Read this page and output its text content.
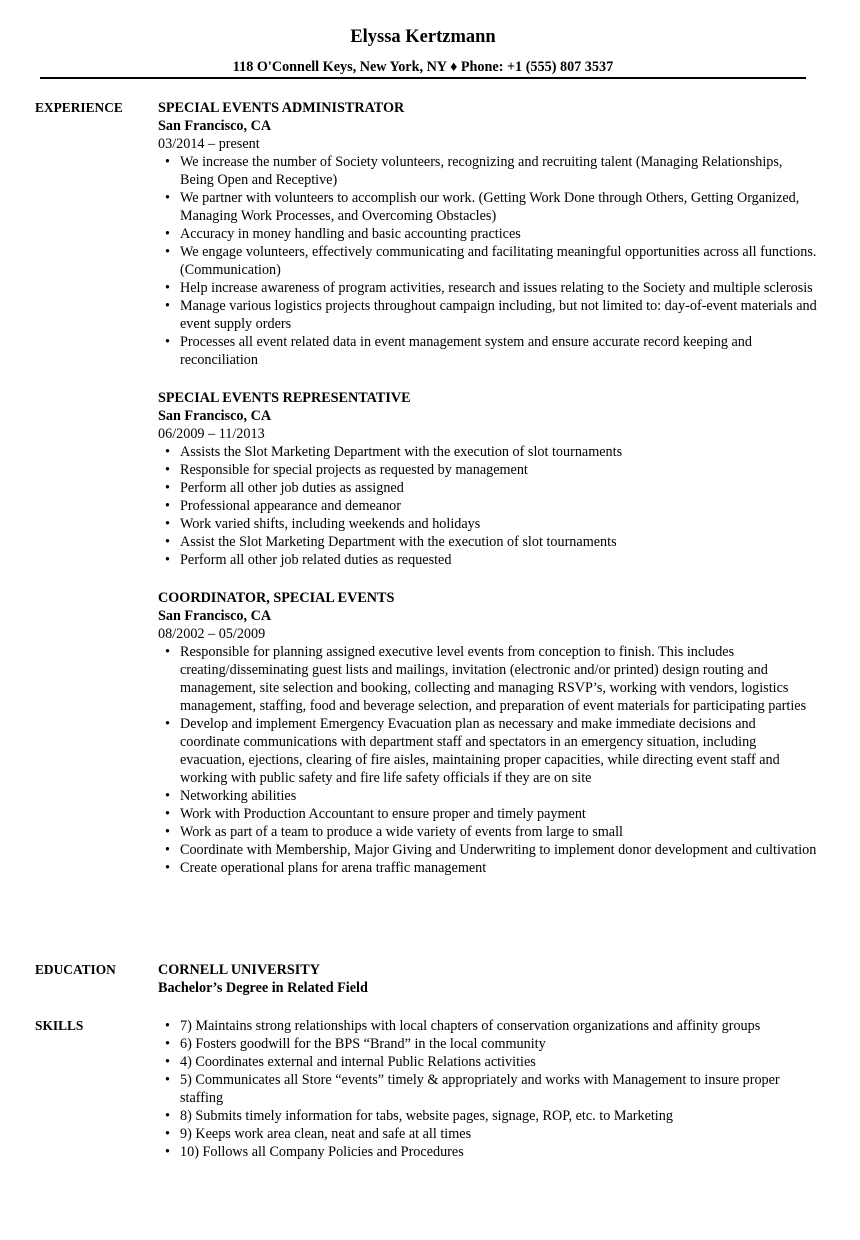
Elyssa Kertzmann
118 O'Connell Keys, New York, NY ♦ Phone: +1 (555) 807 3537
EXPERIENCE SPECIAL EVENTS ADMINISTRATOR
San Francisco, CA
03/2014 – present
• We increase the number of Society volunteers, recognizing and recruiting talent (Managing Relationships, Being Open and Receptive)
• We partner with volunteers to accomplish our work. (Getting Work Done through Others, Getting Organized, Managing Work Processes, and Overcoming Obstacles)
• Accuracy in money handling and basic accounting practices
• We engage volunteers, effectively communicating and facilitating meaningful opportunities across all functions. (Communication)
• Help increase awareness of program activities, research and issues relating to the Society and multiple sclerosis
• Manage various logistics projects throughout campaign including, but not limited to: day-of-event materials and event supply orders
• Processes all event related data in event management system and ensure accurate record keeping and reconciliation
SPECIAL EVENTS REPRESENTATIVE
San Francisco, CA
06/2009 – 11/2013
• Assists the Slot Marketing Department with the execution of slot tournaments
• Responsible for special projects as requested by management
• Perform all other job duties as assigned
• Professional appearance and demeanor
• Work varied shifts, including weekends and holidays
• Assist the Slot Marketing Department with the execution of slot tournaments
• Perform all other job related duties as requested
COORDINATOR, SPECIAL EVENTS
San Francisco, CA
08/2002 – 05/2009
• Responsible for planning assigned executive level events from conception to finish. This includes creating/disseminating guest lists and mailings, invitation (electronic and/or printed) design routing and management, site selection and booking, collecting and managing RSVP’s, working with vendors, logistics management, staffing, food and beverage selection, and preparation of event materials for participating parties
• Develop and implement Emergency Evacuation plan as necessary and make immediate decisions and coordinate communications with department staff and spectators in an emergency situation, including evacuation, ejections, clearing of fire aisles, maintaining proper capacities, while directing event staff and working with public safety and fire life safety officials if they are on site
• Networking abilities
• Work with Production Accountant to ensure proper and timely payment
• Work as part of a team to produce a wide variety of events from large to small
• Coordinate with Membership, Major Giving and Underwriting to implement donor development and cultivation
• Create operational plans for arena traffic management
EDUCATION	CORNELL UNIVERSITY
Bachelor’s Degree in Related Field
SKILLS
•	7) Maintains strong relationships with local chapters of conservation organizations and affinity groups
• 6) Fosters goodwill for the BPS “Brand” in the local community
• 4) Coordinates external and internal Public Relations activities
• 5) Communicates all Store “events” timely & appropriately and works with Management to insure proper staffing
• 8) Submits timely information for tabs, website pages, signage, ROP, etc. to Marketing
• 9) Keeps work area clean, neat and safe at all times
• 10) Follows all Company Policies and Procedures
